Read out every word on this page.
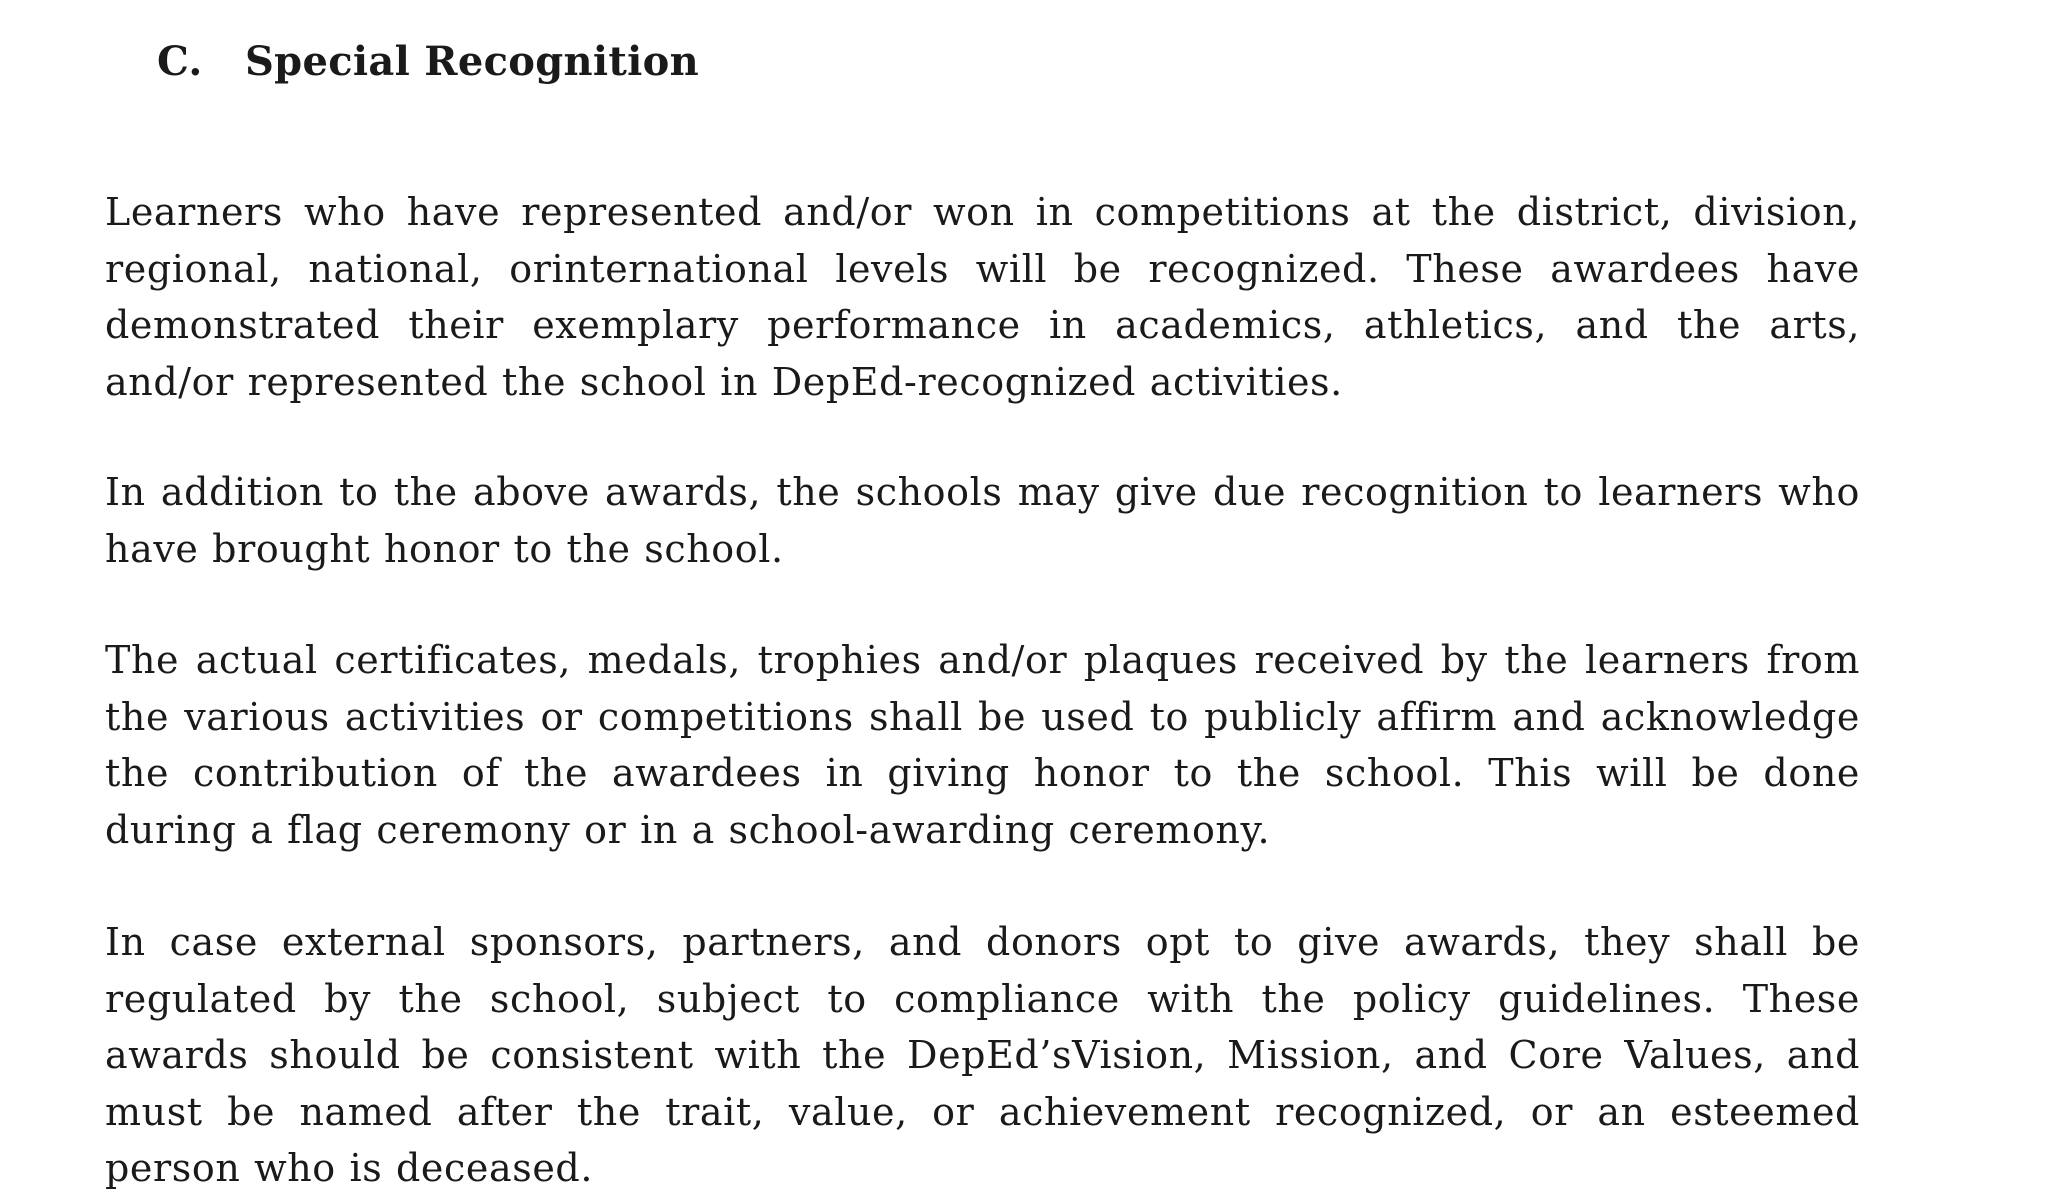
C. Special Recognition

Learners who have represented and/or won in competitions at the district, division, regional, national, orinternational levels will be recognized. These awardees have demonstrated their exemplary performance in academics, athletics, and the arts, and/or represented the school in DepEd-recognized activities.

In addition to the above awards, the schools may give due recognition to learners who have brought honor to the school.

The actual certificates, medals, trophies and/or plaques received by the learners from the various activities or competitions shall be used to publicly affirm and acknowledge the contribution of the awardees in giving honor to the school. This will be done during a flag ceremony or in a school-awarding ceremony.

In case external sponsors, partners, and donors opt to give awards, they shall be regulated by the school, subject to compliance with the policy guidelines. These awards should be consistent with the DepEd’sVision, Mission, and Core Values, and must be named after the trait, value, or achievement recognized, or an esteemed person who is deceased.
